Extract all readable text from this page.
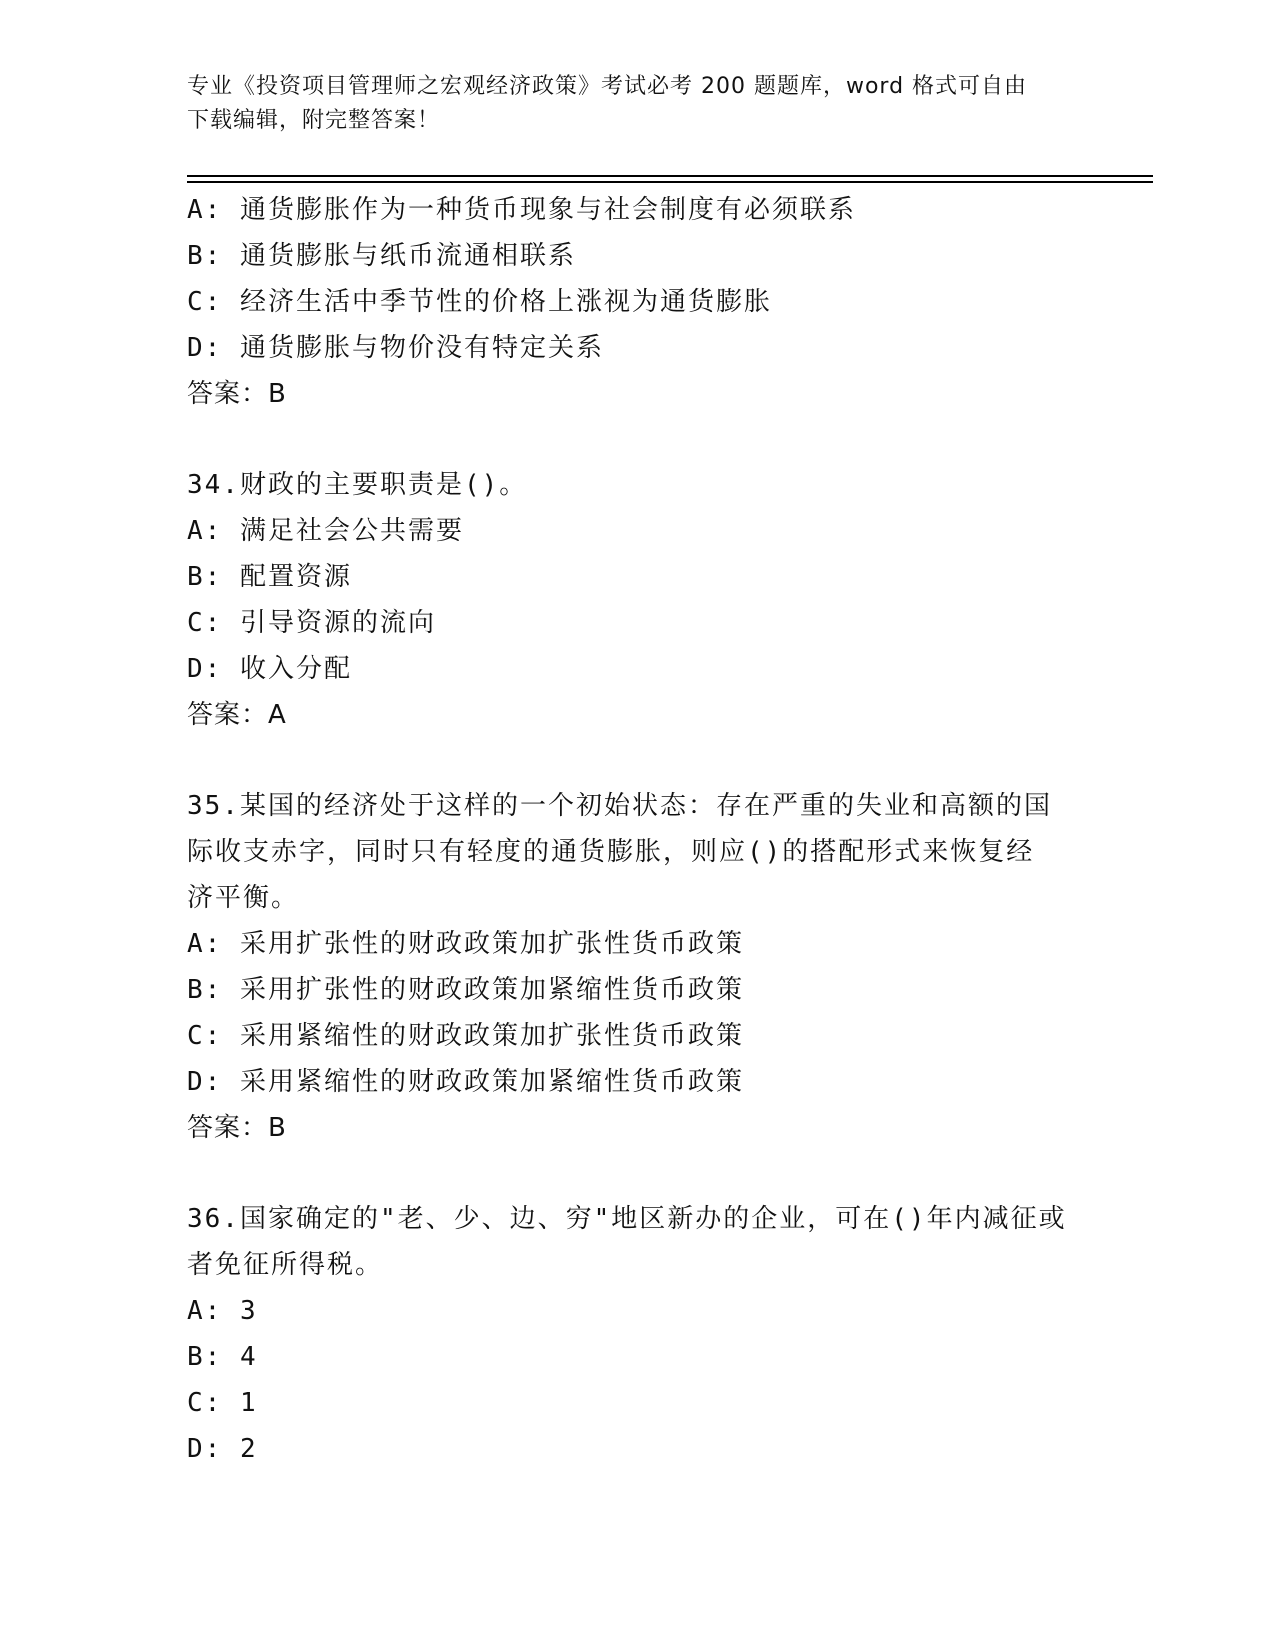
专业《投资项目管理师之宏观经济政策》考试必考 200 题题库，word 格式可自由
下载编辑，附完整答案！
A: 通货膨胀作为一种货币现象与社会制度有必须联系
B: 通货膨胀与纸币流通相联系
C: 经济生活中季节性的价格上涨视为通货膨胀
D: 通货膨胀与物价没有特定关系
答案：B
34.财政的主要职责是()。
A: 满足社会公共需要
B: 配置资源
C: 引导资源的流向
D: 收入分配
答案：A
35.某国的经济处于这样的一个初始状态：存在严重的失业和高额的国
际收支赤字，同时只有轻度的通货膨胀，则应()的搭配形式来恢复经
济平衡。
A: 采用扩张性的财政政策加扩张性货币政策
B: 采用扩张性的财政政策加紧缩性货币政策
C: 采用紧缩性的财政政策加扩张性货币政策
D: 采用紧缩性的财政政策加紧缩性货币政策
答案：B
36.国家确定的"老、少、边、穷"地区新办的企业，可在()年内减征或
者免征所得税。
A: 3
B: 4
C: 1
D: 2
